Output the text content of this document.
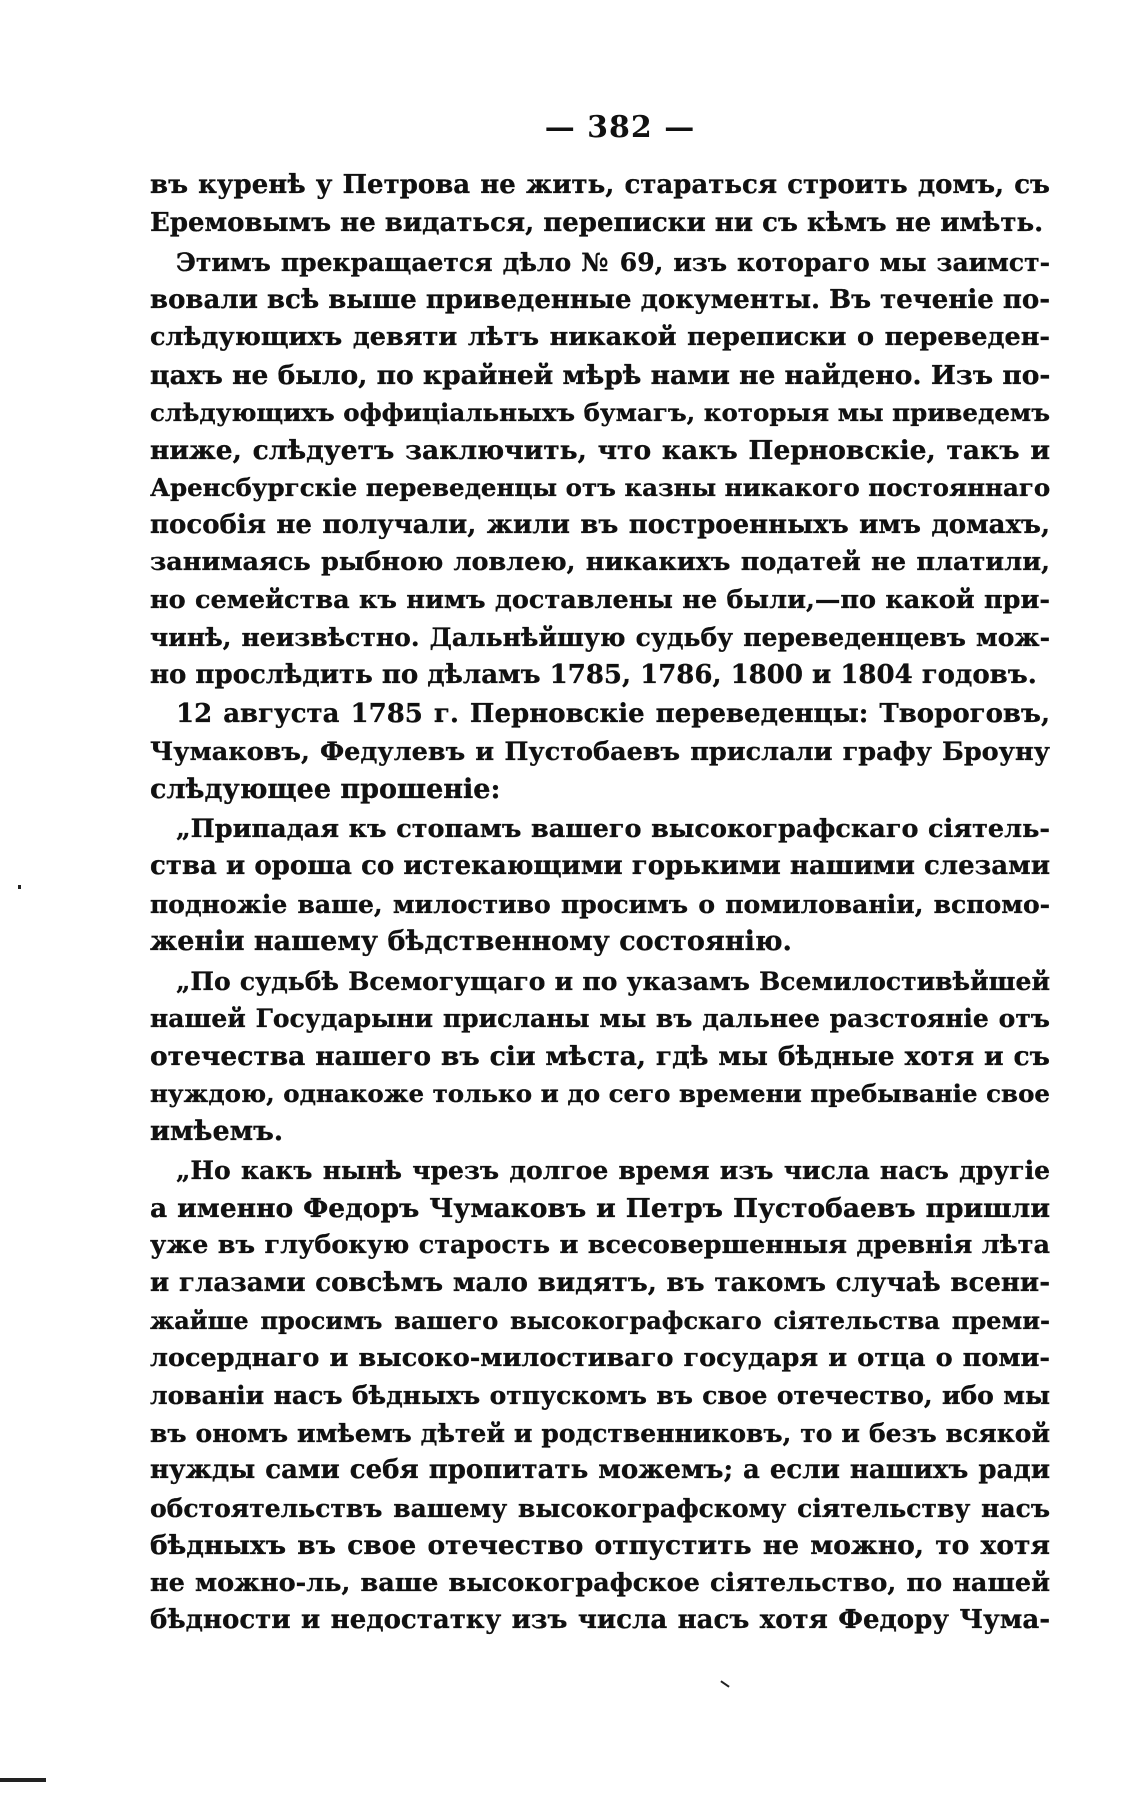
— 382 —
въ куренѣ у Петрова не жить, стараться строить домъ, съ
Еремовымъ не видаться, переписки ни съ кѣмъ не имѣть.
Этимъ прекращается дѣло № 69, изъ котораго мы заимст-
вовали всѣ выше приведенные документы. Въ теченіе по-
слѣдующихъ девяти лѣтъ никакой переписки о переведен-
цахъ не было, по крайней мѣрѣ нами не найдено. Изъ по-
слѣдующихъ оффиціальныхъ бумагъ, которыя мы приведемъ
ниже, слѣдуетъ заключить, что какъ Перновскіе, такъ и
Аренсбургскіе переведенцы отъ казны никакого постояннаго
пособія не получали, жили въ построенныхъ имъ домахъ,
занимаясь рыбною ловлею, никакихъ податей не платили,
но семейства къ нимъ доставлены не были,—по какой при-
чинѣ, неизвѣстно. Дальнѣйшую судьбу переведенцевъ мож-
но прослѣдить по дѣламъ 1785, 1786, 1800 и 1804 годовъ.
12 августа 1785 г. Перновскіе переведенцы: Твороговъ,
Чумаковъ, Федулевъ и Пустобаевъ прислали графу Броуну
слѣдующее прошеніе:
„Припадая къ стопамъ вашего высокографскаго сіятель-
ства и ороша со истекающими горькими нашими слезами
подножіе ваше, милостиво просимъ о помилованіи, вспомо-
женіи нашему бѣдственному состоянію.
„По судьбѣ Всемогущаго и по указамъ Всемилостивѣйшей
нашей Государыни присланы мы въ дальнее разстояніе отъ
отечества нашего въ сіи мѣста, гдѣ мы бѣдные хотя и съ
нуждою, однакоже только и до сего времени пребываніе свое
имѣемъ.
„Но какъ нынѣ чрезъ долгое время изъ числа насъ другіе
а именно Федоръ Чумаковъ и Петръ Пустобаевъ пришли
уже въ глубокую старость и всесовершенныя древнія лѣта
и глазами совсѣмъ мало видятъ, въ такомъ случаѣ всени-
жайше просимъ вашего высокографскаго сіятельства преми-
лосерднаго и высоко-милостиваго государя и отца о поми-
лованіи насъ бѣдныхъ отпускомъ въ свое отечество, ибо мы
въ ономъ имѣемъ дѣтей и родственниковъ, то и безъ всякой
нужды сами себя пропитать можемъ; а если нашихъ ради
обстоятельствъ вашему высокографскому сіятельству насъ
бѣдныхъ въ свое отечество отпустить не можно, то хотя
не можно-ль, ваше высокографское сіятельство, по нашей
бѣдности и недостатку изъ числа насъ хотя Федору Чума-
